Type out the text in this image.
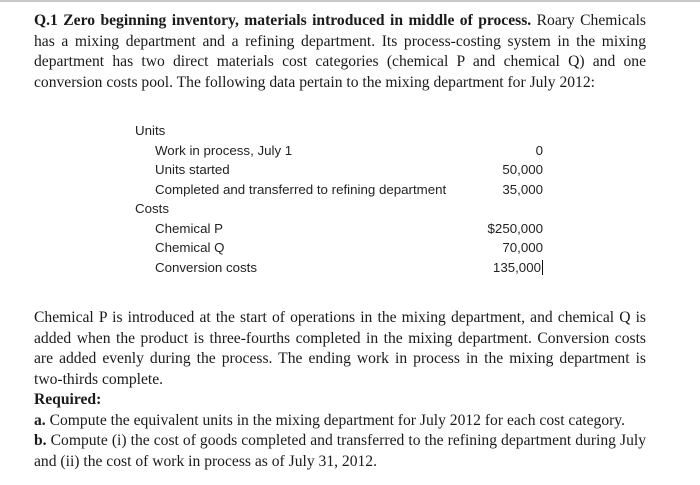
Q.1 Zero beginning inventory, materials introduced in middle of process. Roary Chemicals has a mixing department and a refining department. Its process-costing system in the mixing department has two direct materials cost categories (chemical P and chemical Q) and one conversion costs pool. The following data pertain to the mixing department for July 2012:

Units
Work in process, July 1	0
Units started	50,000
Completed and transferred to refining department	35,000
Costs
Chemical P	$250,000
Chemical Q	70,000
Conversion costs	135,000
Chemical P is introduced at the start of operations in the mixing department, and chemical Q is added when the product is three-fourths completed in the mixing department. Conversion costs are added evenly during the process. The ending work in process in the mixing department is two-thirds complete.
Required:
a. Compute the equivalent units in the mixing department for July 2012 for each cost category.
b. Compute (i) the cost of goods completed and transferred to the refining department during July and (ii) the cost of work in process as of July 31, 2012.
